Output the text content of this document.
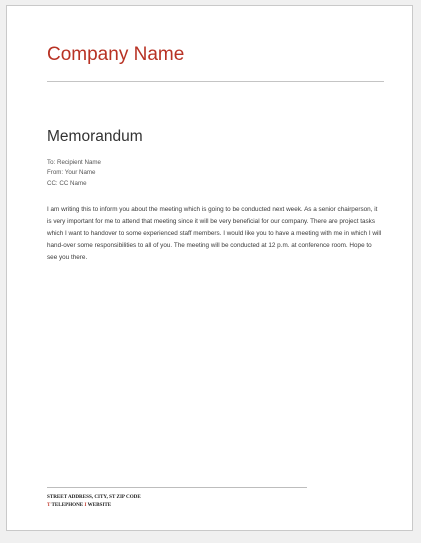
Company Name
Memorandum
To: Recipient Name
From: Your Name
CC: CC Name

I am writing this to inform you about the meeting which is going to be conducted next week. As a senior chairperson, it is very important for me to attend that meeting since it will be very beneficial for our company. There are project tasks which I want to handover to some experienced staff members. I would like you to have a meeting with me in which I will hand-over some responsibilities to all of you. The meeting will be conducted at 12 p.m. at conference room. Hope to see you there.

STREET ADDRESS, CITY, ST ZIP CODE
T TELEPHONE I WEBSITE
